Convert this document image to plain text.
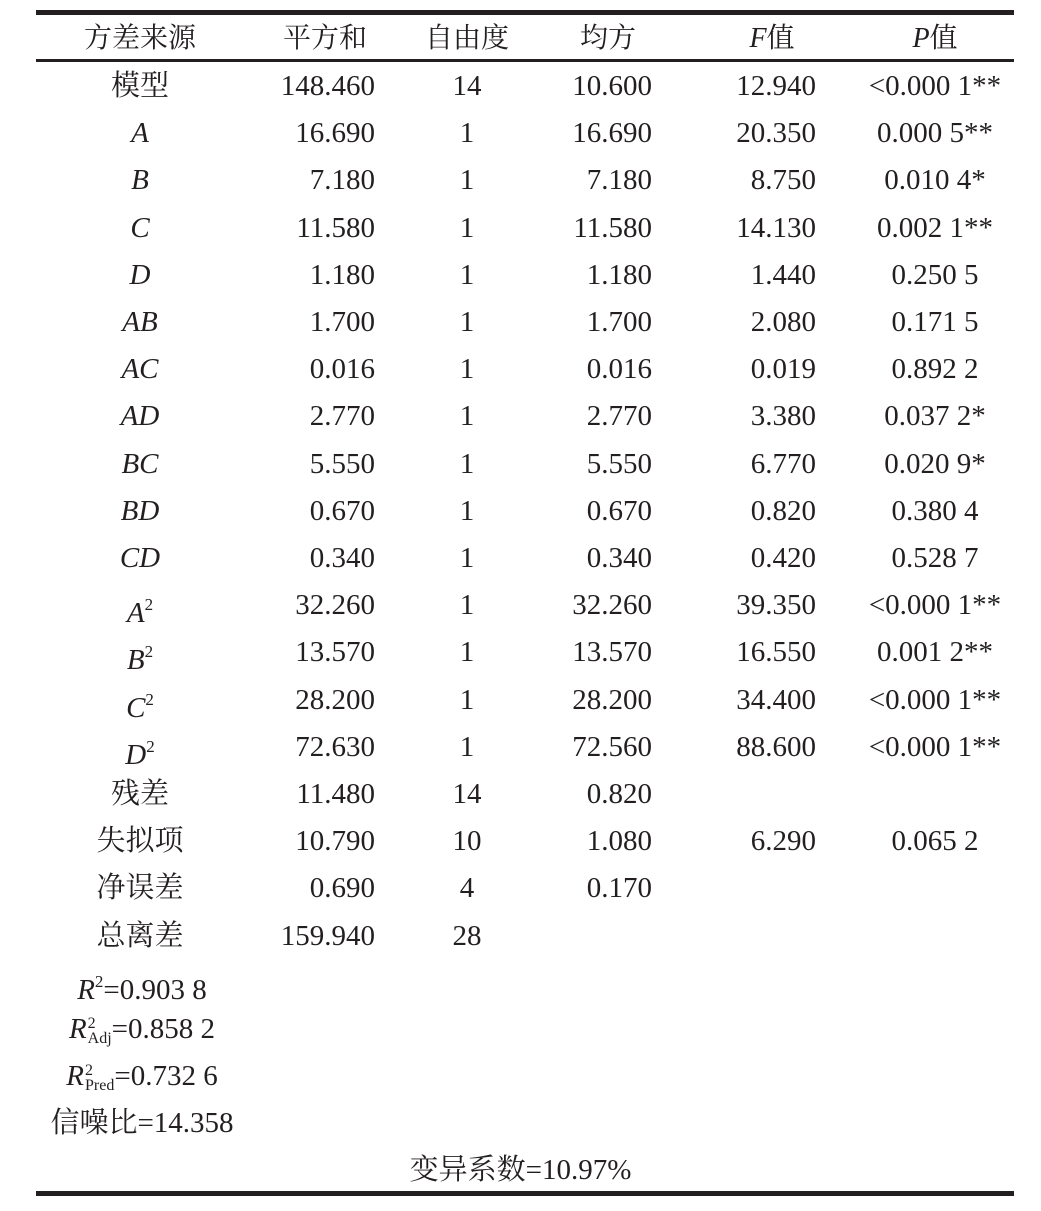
方差来源	平方和	自由度	均方	F值	P值
模型	148.460	14	10.600	12.940	<0.000 1**
A	16.690	1	16.690	20.350	0.000 5**
B	7.180	1	7.180	8.750	0.010 4*
C	11.580	1	11.580	14.130	0.002 1**
D	1.180	1	1.180	1.440	0.250 5
AB	1.700	1	1.700	2.080	0.171 5
AC	0.016	1	0.016	0.019	0.892 2
AD	2.770	1	2.770	3.380	0.037 2*
BC	5.550	1	5.550	6.770	0.020 9*
BD	0.670	1	0.670	0.820	0.380 4
CD	0.340	1	0.340	0.420	0.528 7
$A^2$	32.260	1	32.260	39.350	<0.000 1**
$B^2$	13.570	1	13.570	16.550	0.001 2**
$C^2$	28.200	1	28.200	34.400	<0.000 1**
$D^2$	72.630	1	72.560	88.600	<0.000 1**
残差	11.480	14	0.820
失拟项	10.790	10	1.080	6.290	0.065 2
净误差	0.690	4	0.170
总离差	159.940	28
$R^2=0.903$ 8
R 2
Adj =0.858 2
R 2
Pred =0.732 6
信噪比=14.358
变异系数=10.97%
